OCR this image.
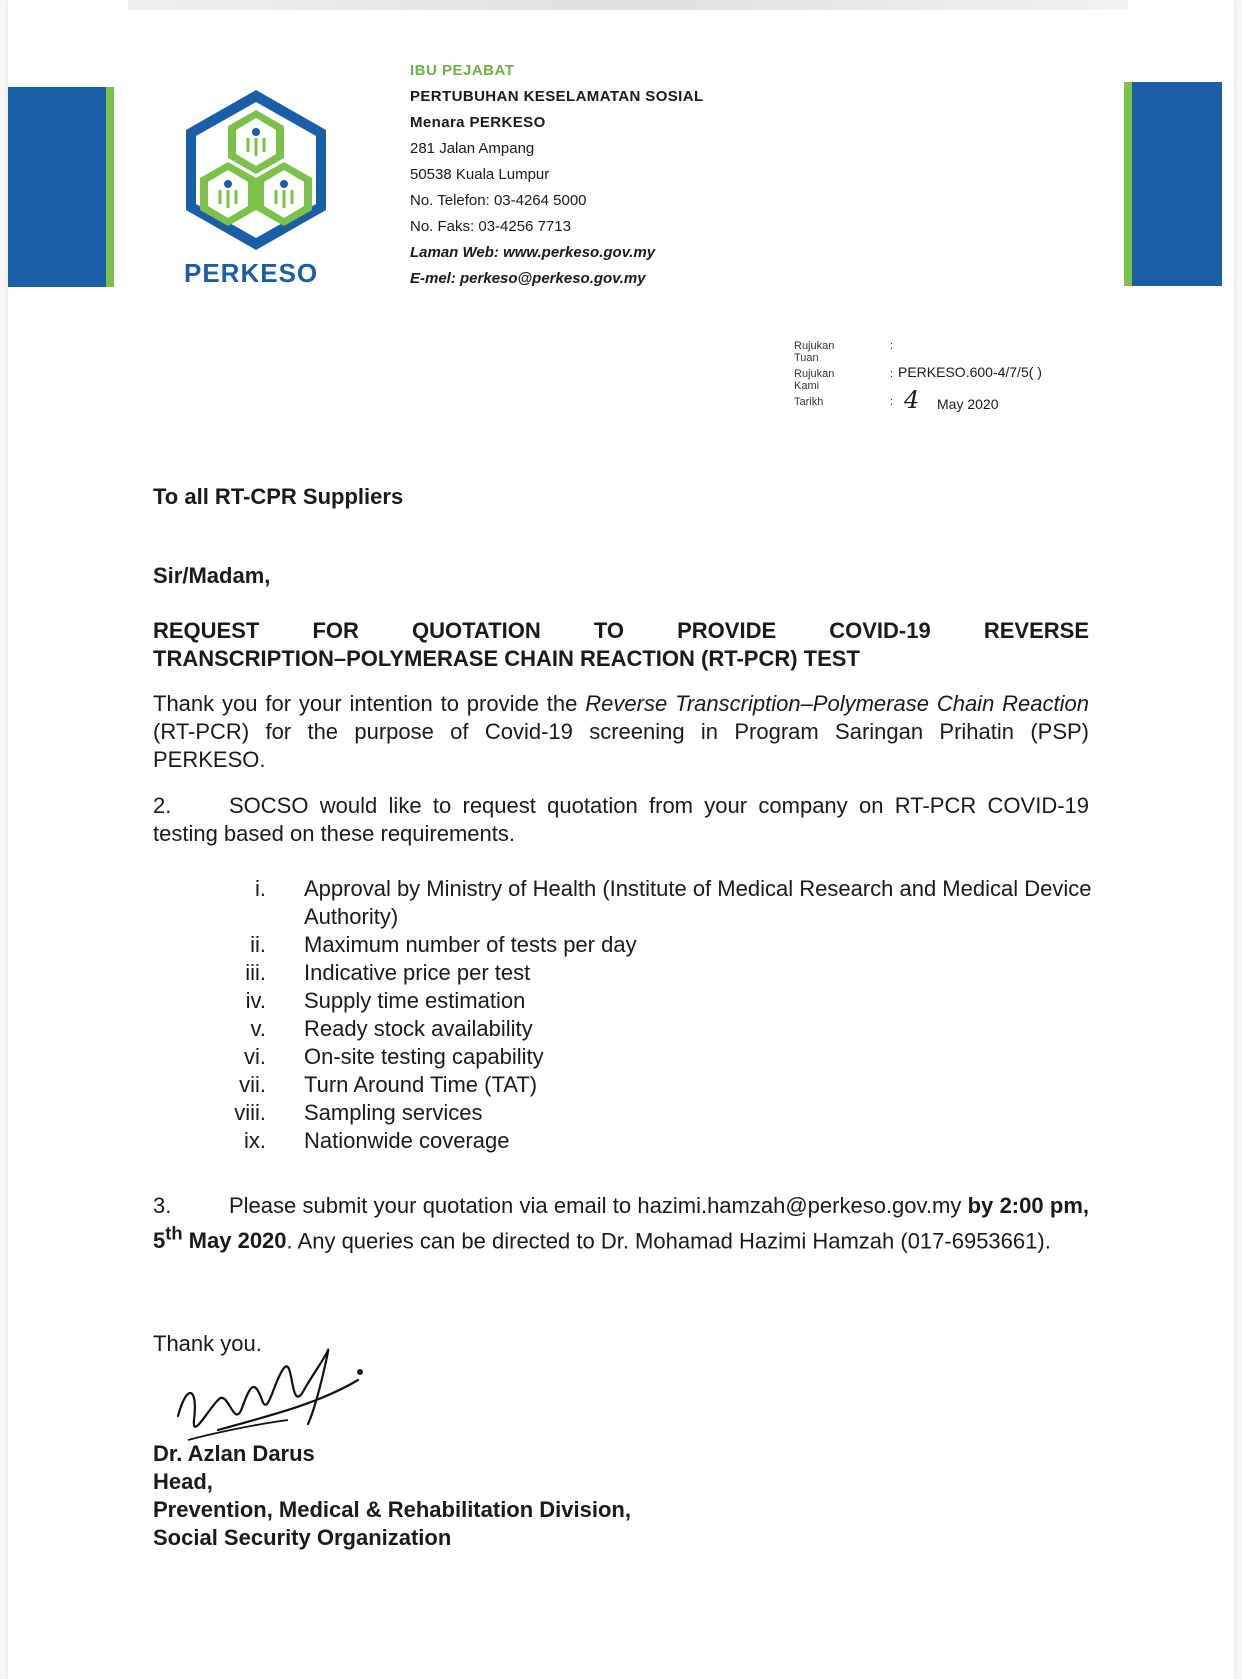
PERKESO
IBU PEJABAT
PERTUBUHAN KESELAMATAN SOSIAL
Menara PERKESO
281 Jalan Ampang
50538 Kuala Lumpur
No. Telefon: 03-4264 5000
No. Faks: 03-4256 7713
Laman Web: www.perkeso.gov.my
E-mel: perkeso@perkeso.gov.my
Rujukan Tuan
:
Rujukan Kami
: PERKESO.600-4/7/5( )
Tarikh	: 4 May 2020
To all RT-CPR Suppliers
Sir/Madam,
REQUEST FOR QUOTATION TO PROVIDE COVID-19 REVERSE
TRANSCRIPTION–POLYMERASE CHAIN REACTION (RT-PCR) TEST
Thank you for your intention to provide the Reverse Transcription–Polymerase Chain Reaction (RT-PCR) for the purpose of Covid-19 screening in Program Saringan Prihatin (PSP) PERKESO.
2.	SOCSO would like to request quotation from your company on RT-PCR COVID-19 testing based on these requirements.
i. Approval by Ministry of Health (Institute of Medical Research and Medical Device Authority)
ii. Maximum number of tests per day
iii. Indicative price per test
iv. Supply time estimation
v. Ready stock availability
vi. On-site testing capability
vii. Turn Around Time (TAT)
viii. Sampling services
ix. Nationwide coverage
3.	Please submit your quotation via email to hazimi.hamzah@perkeso.gov.my by 2:00 pm, 5th May 2020. Any queries can be directed to Dr. Mohamad Hazimi Hamzah (017-6953661).
Thank you.
Dr. Azlan Darus
Head,
Prevention, Medical & Rehabilitation Division,
Social Security Organization
